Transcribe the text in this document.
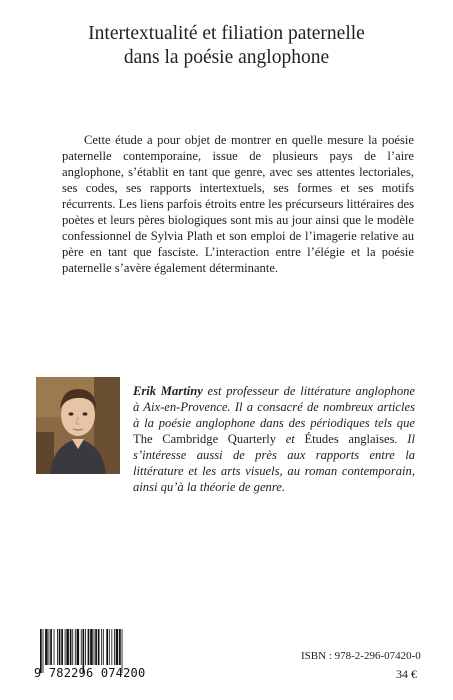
Intertextualité et filiation paternelle
dans la poésie anglophone

Cette étude a pour objet de montrer en quelle mesure la poésie paternelle contemporaine, issue de plusieurs pays de l’aire anglophone, s’établit en tant que genre, avec ses attentes lectoriales, ses codes, ses rapports intertextuels, ses formes et ses motifs récurrents. Les liens parfois étroits entre les précurseurs littéraires des poètes et leurs pères biologiques sont mis au jour ainsi que le modèle confessionnel de Sylvia Plath et son emploi de l’imagerie relative au père en tant que fasciste. L’interaction entre l’élégie et la poésie paternelle s’avère également déterminante.

Erik Martiny est professeur de littérature anglophone à Aix-en-Provence. Il a consacré de nombreux articles à la poésie anglophone dans des périodiques tels que The Cambridge Quarterly et Études anglaises. Il s’intéresse aussi de près aux rapports entre la littérature et les arts visuels, au roman contemporain, ainsi qu’à la théorie de genre.

9 782296 074200
ISBN : 978-2-296-07420-0
34 €
